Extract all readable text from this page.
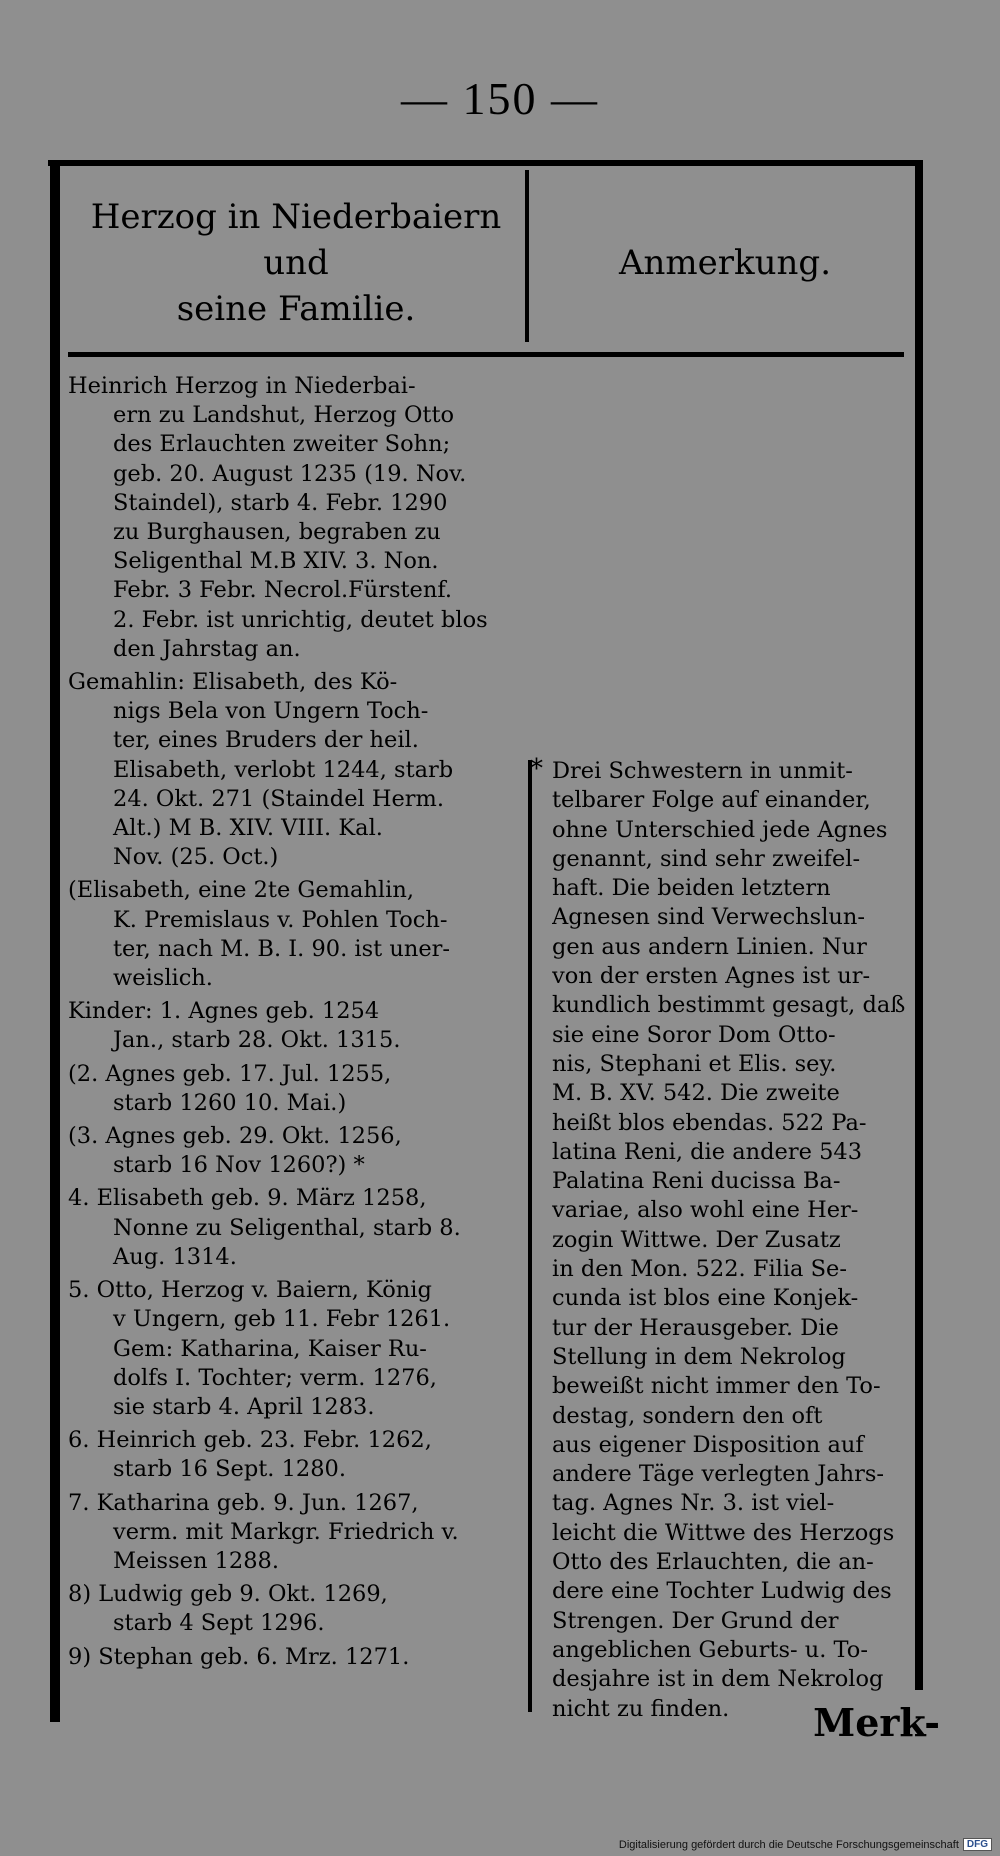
— 150 —
Herzog in Niederbaiern
und
seine Familie.
Anmerkung.
Heinrich Herzog in Niederbai-
ern zu Landshut, Herzog Otto
des Erlauchten zweiter Sohn;
geb. 20. August 1235 (19. Nov.
Staindel), starb 4. Febr. 1290
zu Burghausen, begraben zu
Seligenthal M.B XIV. 3. Non.
Febr. 3 Febr. Necrol.Fürstenf.
2. Febr. ist unrichtig, deutet blos
den Jahrstag an.
Gemahlin: Elisabeth, des Kö-
nigs Bela von Ungern Toch-
ter, eines Bruders der heil.
Elisabeth, verlobt 1244, starb
24. Okt. 271 (Staindel Herm.
Alt.) M B. XIV. VIII. Kal.
Nov. (25. Oct.)
(Elisabeth, eine 2te Gemahlin,
K. Premislaus v. Pohlen Toch-
ter, nach M. B. I. 90. ist uner-
weislich.
Kinder: 1. Agnes geb. 1254
Jan., starb 28. Okt. 1315.
(2. Agnes geb. 17. Jul. 1255,
starb 1260 10. Mai.)
(3. Agnes geb. 29. Okt. 1256,
starb 16 Nov 1260?) *
4. Elisabeth geb. 9. März 1258,
Nonne zu Seligenthal, starb 8.
Aug. 1314.
5. Otto, Herzog v. Baiern, König
v Ungern, geb 11. Febr 1261.
Gem: Katharina, Kaiser Ru-
dolfs I. Tochter; verm. 1276,
sie starb 4. April 1283.
6. Heinrich geb. 23. Febr. 1262,
starb 16 Sept. 1280.
7. Katharina geb. 9. Jun. 1267,
verm. mit Markgr. Friedrich v.
Meissen 1288.
8) Ludwig geb 9. Okt. 1269,
starb 4 Sept 1296.
9) Stephan geb. 6. Mrz. 1271.
* Drei Schwestern in unmit-
telbarer Folge auf einander,
ohne Unterschied jede Agnes
genannt, sind sehr zweifel-
haft. Die beiden letztern
Agnesen sind Verwechslun-
gen aus andern Linien. Nur
von der ersten Agnes ist ur-
kundlich bestimmt gesagt, daß
sie eine Soror Dom Otto-
nis, Stephani et Elis. sey.
M. B. XV. 542. Die zweite
heißt blos ebendas. 522 Pa-
latina Reni, die andere 543
Palatina Reni ducissa Ba-
variae, also wohl eine Her-
zogin Wittwe. Der Zusatz
in den Mon. 522. Filia Se-
cunda ist blos eine Konjek-
tur der Herausgeber. Die
Stellung in dem Nekrolog
beweißt nicht immer den To-
destag, sondern den oft
aus eigener Disposition auf
andere Täge verlegten Jahrs-
tag. Agnes Nr. 3. ist viel-
leicht die Wittwe des Herzogs
Otto des Erlauchten, die an-
dere eine Tochter Ludwig des
Strengen. Der Grund der
angeblichen Geburts- u. To-
desjahre ist in dem Nekrolog
nicht zu finden.	Merk-
Digitalisierung gefördert durch die Deutsche Forschungsgemeinschaft DFG
